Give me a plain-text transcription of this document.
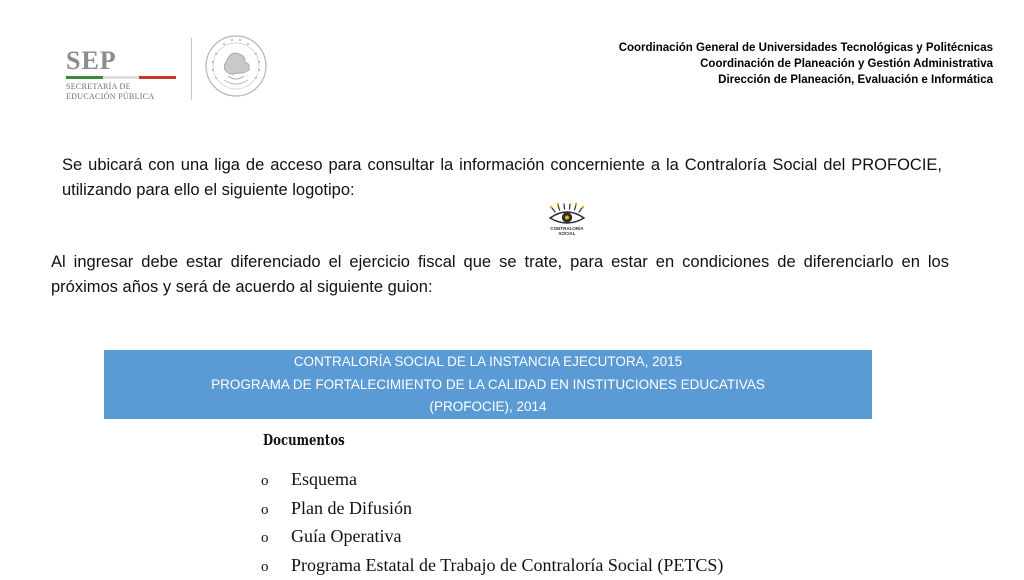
SEP
SECRETARÍA DE
EDUCACIÓN PÚBLICA
Coordinación General de Universidades Tecnológicas y Politécnicas
Coordinación de Planeación y Gestión Administrativa
Dirección de Planeación, Evaluación e Informática
Se ubicará con una liga de acceso para consultar la información concerniente a la Contraloría Social del PROFOCIE, utilizando para ello el siguiente logotipo:
CONTRALORÍA
SOCIAL
Al ingresar debe estar diferenciado el ejercicio fiscal que se trate, para estar en condiciones de diferenciarlo en los próximos años y será de acuerdo al siguiente guion:
CONTRALORÍA SOCIAL DE LA INSTANCIA EJECUTORA, 2015
PROGRAMA DE FORTALECIMIENTO DE LA CALIDAD EN INSTITUCIONES EDUCATIVAS
(PROFOCIE), 2014
Documentos
o	Esquema
o	Plan de Difusión
o	Guía Operativa
o	Programa Estatal de Trabajo de Contraloría Social (PETCS)
